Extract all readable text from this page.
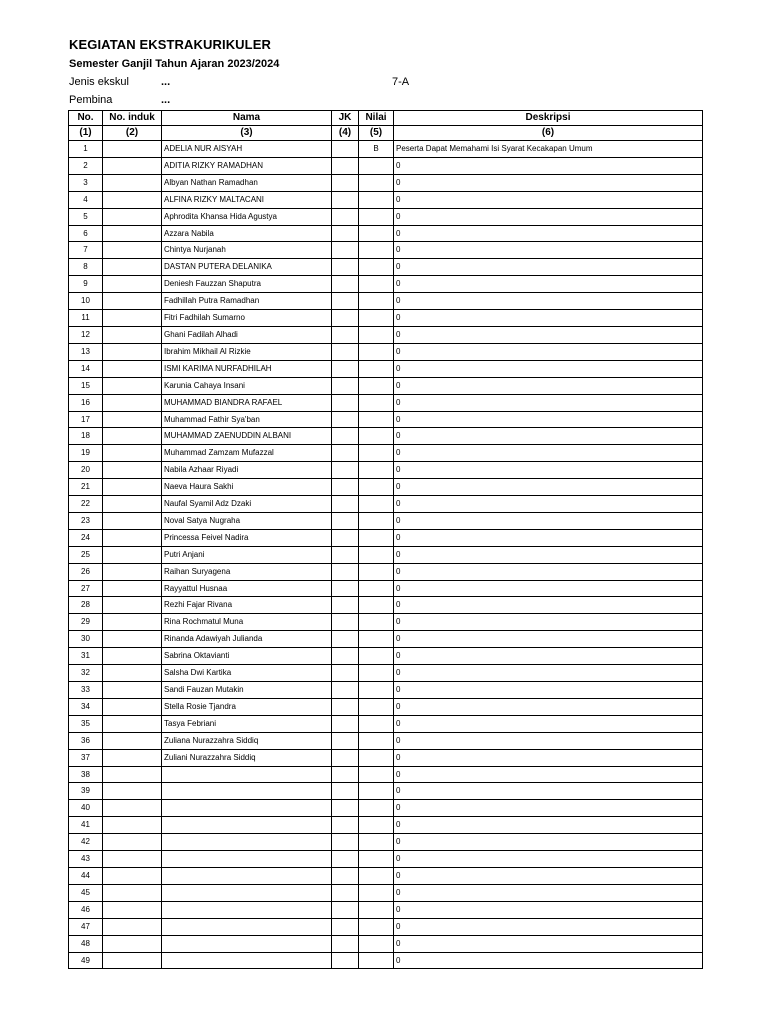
KEGIATAN EKSTRAKURIKULER
Semester Ganjil Tahun Ajaran 2023/2024
Jenis ekskul	...	7-A
Pembina	...
No.	No. induk	Nama	JK	Nilai	Deskripsi
(1)	(2)	(3)	(4)	(5)	(6)
1		ADELIA NUR AISYAH		B	Peserta Dapat Memahami Isi Syarat Kecakapan Umum
2		ADITIA RIZKY RAMADHAN			0
3		Albyan Nathan Ramadhan			0
4		ALFINA RIZKY MALTACANI			0
5		Aphrodita Khansa Hida Agustya			0
6		Azzara Nabila			0
7		Chintya Nurjanah			0
8		DASTAN PUTERA DELANIKA			0
9		Deniesh Fauzzan Shaputra			0
10		Fadhillah Putra Ramadhan			0
11		Fitri Fadhilah Sumarno			0
12		Ghani Fadilah Alhadi			0
13		Ibrahim Mikhail Al Rizkie			0
14		ISMI KARIMA NURFADHILAH			0
15		Karunia Cahaya Insani			0
16		MUHAMMAD BIANDRA RAFAEL			0
17		Muhammad Fathir Sya'ban			0
18		MUHAMMAD ZAENUDDIN ALBANI			0
19		Muhammad Zamzam Mufazzal			0
20		Nabila Azhaar Riyadi			0
21		Naeva Haura Sakhi			0
22		Naufal Syamil Adz Dzaki			0
23		Noval Satya Nugraha			0
24		Princessa Feivel Nadira			0
25		Putri Anjani			0
26		Raihan Suryagena			0
27		Rayyattul Husnaa			0
28		Rezhi Fajar Rivana			0
29		Rina Rochmatul Muna			0
30		Rinanda Adawiyah Julianda			0
31		Sabrina Oktavianti			0
32		Salsha Dwi Kartika			0
33		Sandi Fauzan Mutakin			0
34		Stella Rosie Tjandra			0
35		Tasya Febriani			0
36		Zuliana Nurazzahra Siddiq			0
37		Zuliani Nurazzahra Siddiq			0
38					0
39					0
40					0
41					0
42					0
43					0
44					0
45					0
46					0
47					0
48					0
49					0
